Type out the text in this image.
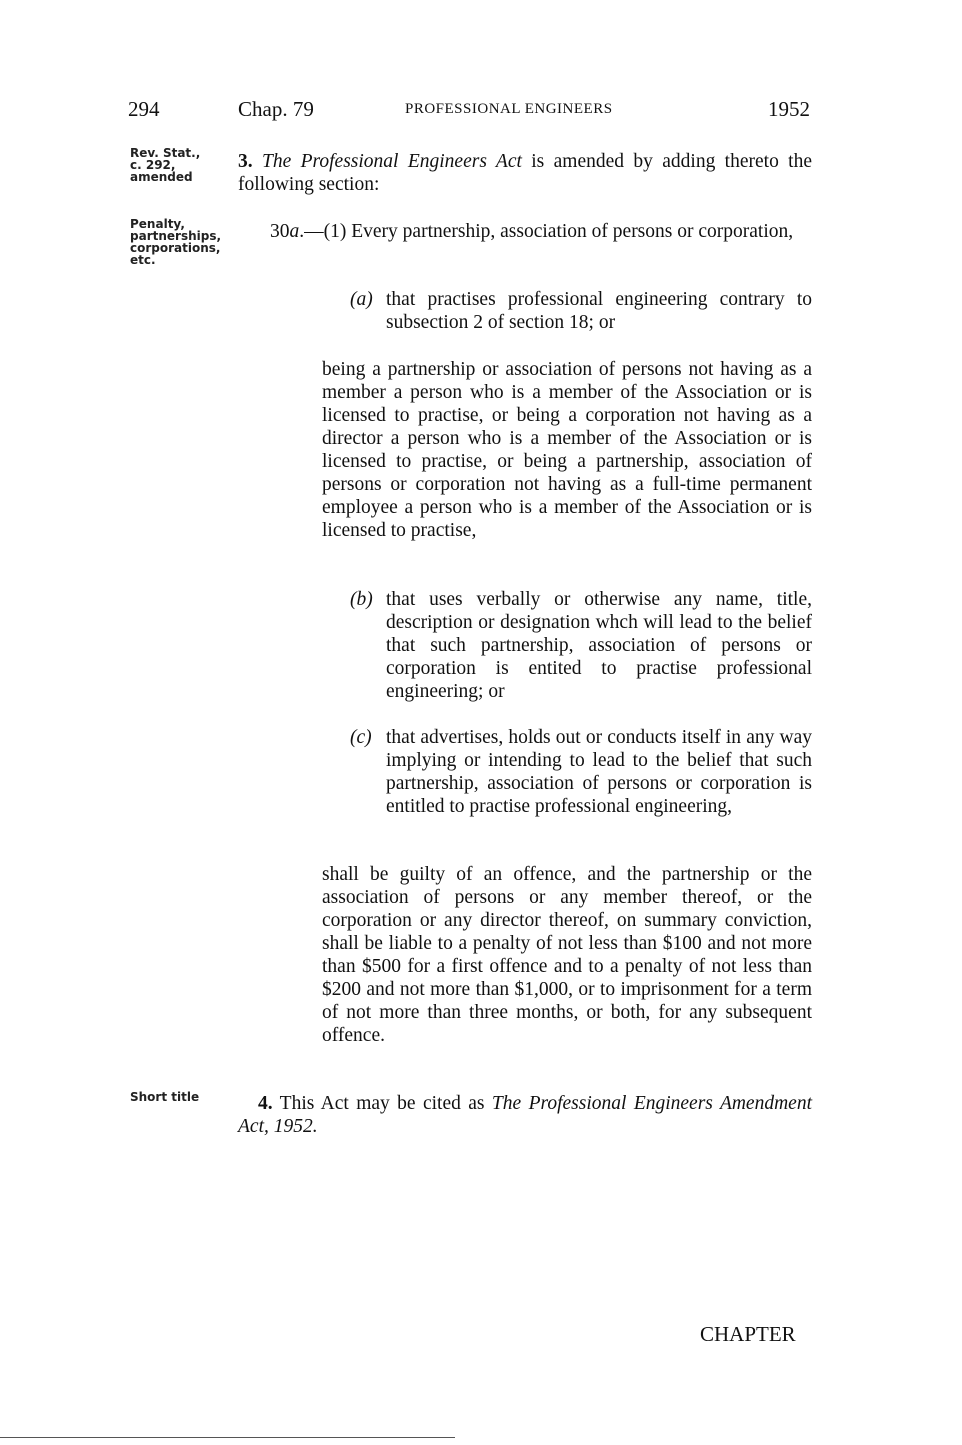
294	Chap. 79	PROFESSIONAL ENGINEERS	1952
Rev. Stat.,
c. 292,
amended
Penalty,
partnerships,
corporations,
etc.
Short title

3. The Professional Engineers Act is amended by adding thereto the following section:

30a.—(1) Every partnership, association of persons or corporation,

(a) that practises professional engineering contrary to subsection 2 of section 18; or

being a partnership or association of persons not having as a member a person who is a member of the Association or is licensed to practise, or being a corporation not having as a director a person who is a member of the Association or is licensed to practise, or being a partnership, association of persons or corporation not having as a full-time permanent employee a person who is a member of the Association or is licensed to practise,

(b) that uses verbally or otherwise any name, title, description or designation whch will lead to the belief that such partnership, association of persons or corporation is entited to practise professional engineering; or
(c) that advertises, holds out or conducts itself in any way implying or intending to lead to the belief that such partnership, association of persons or corporation is entitled to practise professional engineering,

shall be guilty of an offence, and the partnership or the association of persons or any member thereof, or the corporation or any director thereof, on summary conviction, shall be liable to a penalty of not less than $100 and not more than $500 for a first offence and to a penalty of not less than $200 and not more than $1,000, or to imprisonment for a term of not more than three months, or both, for any subsequent offence.

4. This Act may be cited as The Professional Engineers Amendment Act, 1952.

CHAPTER
